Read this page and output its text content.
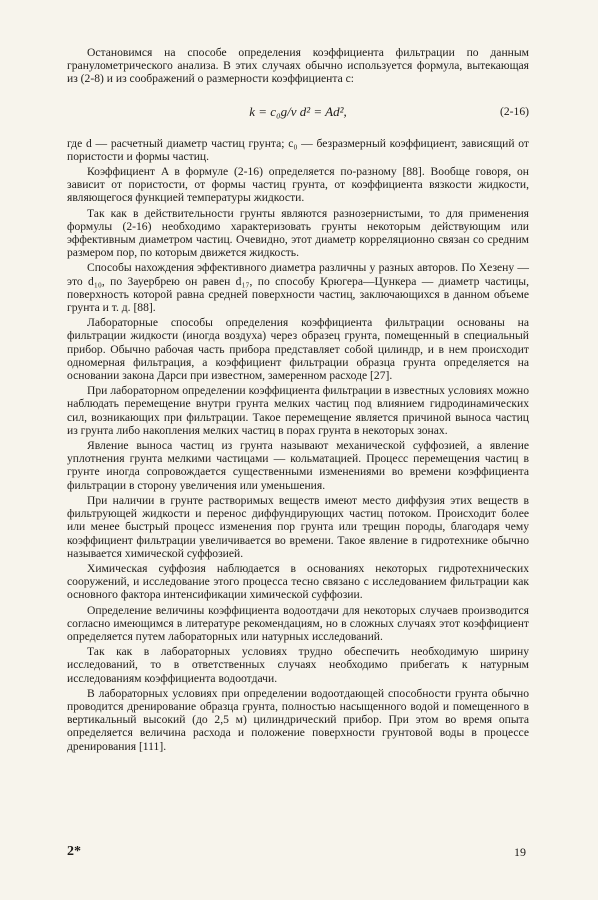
Остановимся на способе определения коэффициента фильтрации по данным гранулометрического анализа. В этих случаях обычно используется формула, вытекающая из (2-8) и из соображений о размерности коэффициента c:

k = c₀g/ν d² = Ad²,	(2-16)

где d — расчетный диаметр частиц грунта; c₀ — безразмерный коэффициент, зависящий от пористости и формы частиц.

Коэффициент A в формуле (2-16) определяется по-разному [88]. Вообще говоря, он зависит от пористости, от формы частиц грунта, от коэффициента вязкости жидкости, являющегося функцией температуры жидкости.

Так как в действительности грунты являются разнозернистыми, то для применения формулы (2-16) необходимо характеризовать грунты некоторым действующим или эффективным диаметром частиц. Очевидно, этот диаметр корреляционно связан со средним размером пор, по которым движется жидкость.

Способы нахождения эффективного диаметра различны у разных авторов. По Хезену — это d₁₀, по Зауербрею он равен d₁₇, по способу Крюгера—Цункера — диаметр частицы, поверхность которой равна средней поверхности частиц, заключающихся в данном объеме грунта и т. д. [88].

Лабораторные способы определения коэффициента фильтрации основаны на фильтрации жидкости (иногда воздуха) через образец грунта, помещенный в специальный прибор. Обычно рабочая часть прибора представляет собой цилиндр, и в нем происходит одномерная фильтрация, а коэффициент фильтрации образца грунта определяется на основании закона Дарси при известном, замеренном расходе [27].

При лабораторном определении коэффициента фильтрации в известных условиях можно наблюдать перемещение внутри грунта мелких частиц под влиянием гидродинамических сил, возникающих при фильтрации. Такое перемещение является причиной выноса частиц из грунта либо накопления мелких частиц в порах грунта в некоторых зонах.

Явление выноса частиц из грунта называют механической суффозией, а явление уплотнения грунта мелкими частицами — кольматацией. Процесс перемещения частиц в грунте иногда сопровождается существенными изменениями во времени коэффициента фильтрации в сторону увеличения или уменьшения.

При наличии в грунте растворимых веществ имеют место диффузия этих веществ в фильтрующей жидкости и перенос диффундирующих частиц потоком. Происходит более или менее быстрый процесс изменения пор грунта или трещин породы, благодаря чему коэффициент фильтрации увеличивается во времени. Такое явление в гидротехнике обычно называется химической суффозией.

Химическая суффозия наблюдается в основаниях некоторых гидротехнических сооружений, и исследование этого процесса тесно связано с исследованием фильтрации как основного фактора интенсификации химической суффозии.

Определение величины коэффициента водоотдачи для некоторых случаев производится согласно имеющимся в литературе рекомендациям, но в сложных случаях этот коэффициент определяется путем лабораторных или натурных исследований.

Так как в лабораторных условиях трудно обеспечить необходимую ширину исследований, то в ответственных случаях необходимо прибегать к натурным исследованиям коэффициента водоотдачи.

В лабораторных условиях при определении водоотдающей способности грунта обычно проводится дренирование образца грунта, полностью насыщенного водой и помещенного в вертикальный высокий (до 2,5 м) цилиндрический прибор. При этом во время опыта определяется величина расхода и положение поверхности грунтовой воды в процессе дренирования [111].

2*	19
